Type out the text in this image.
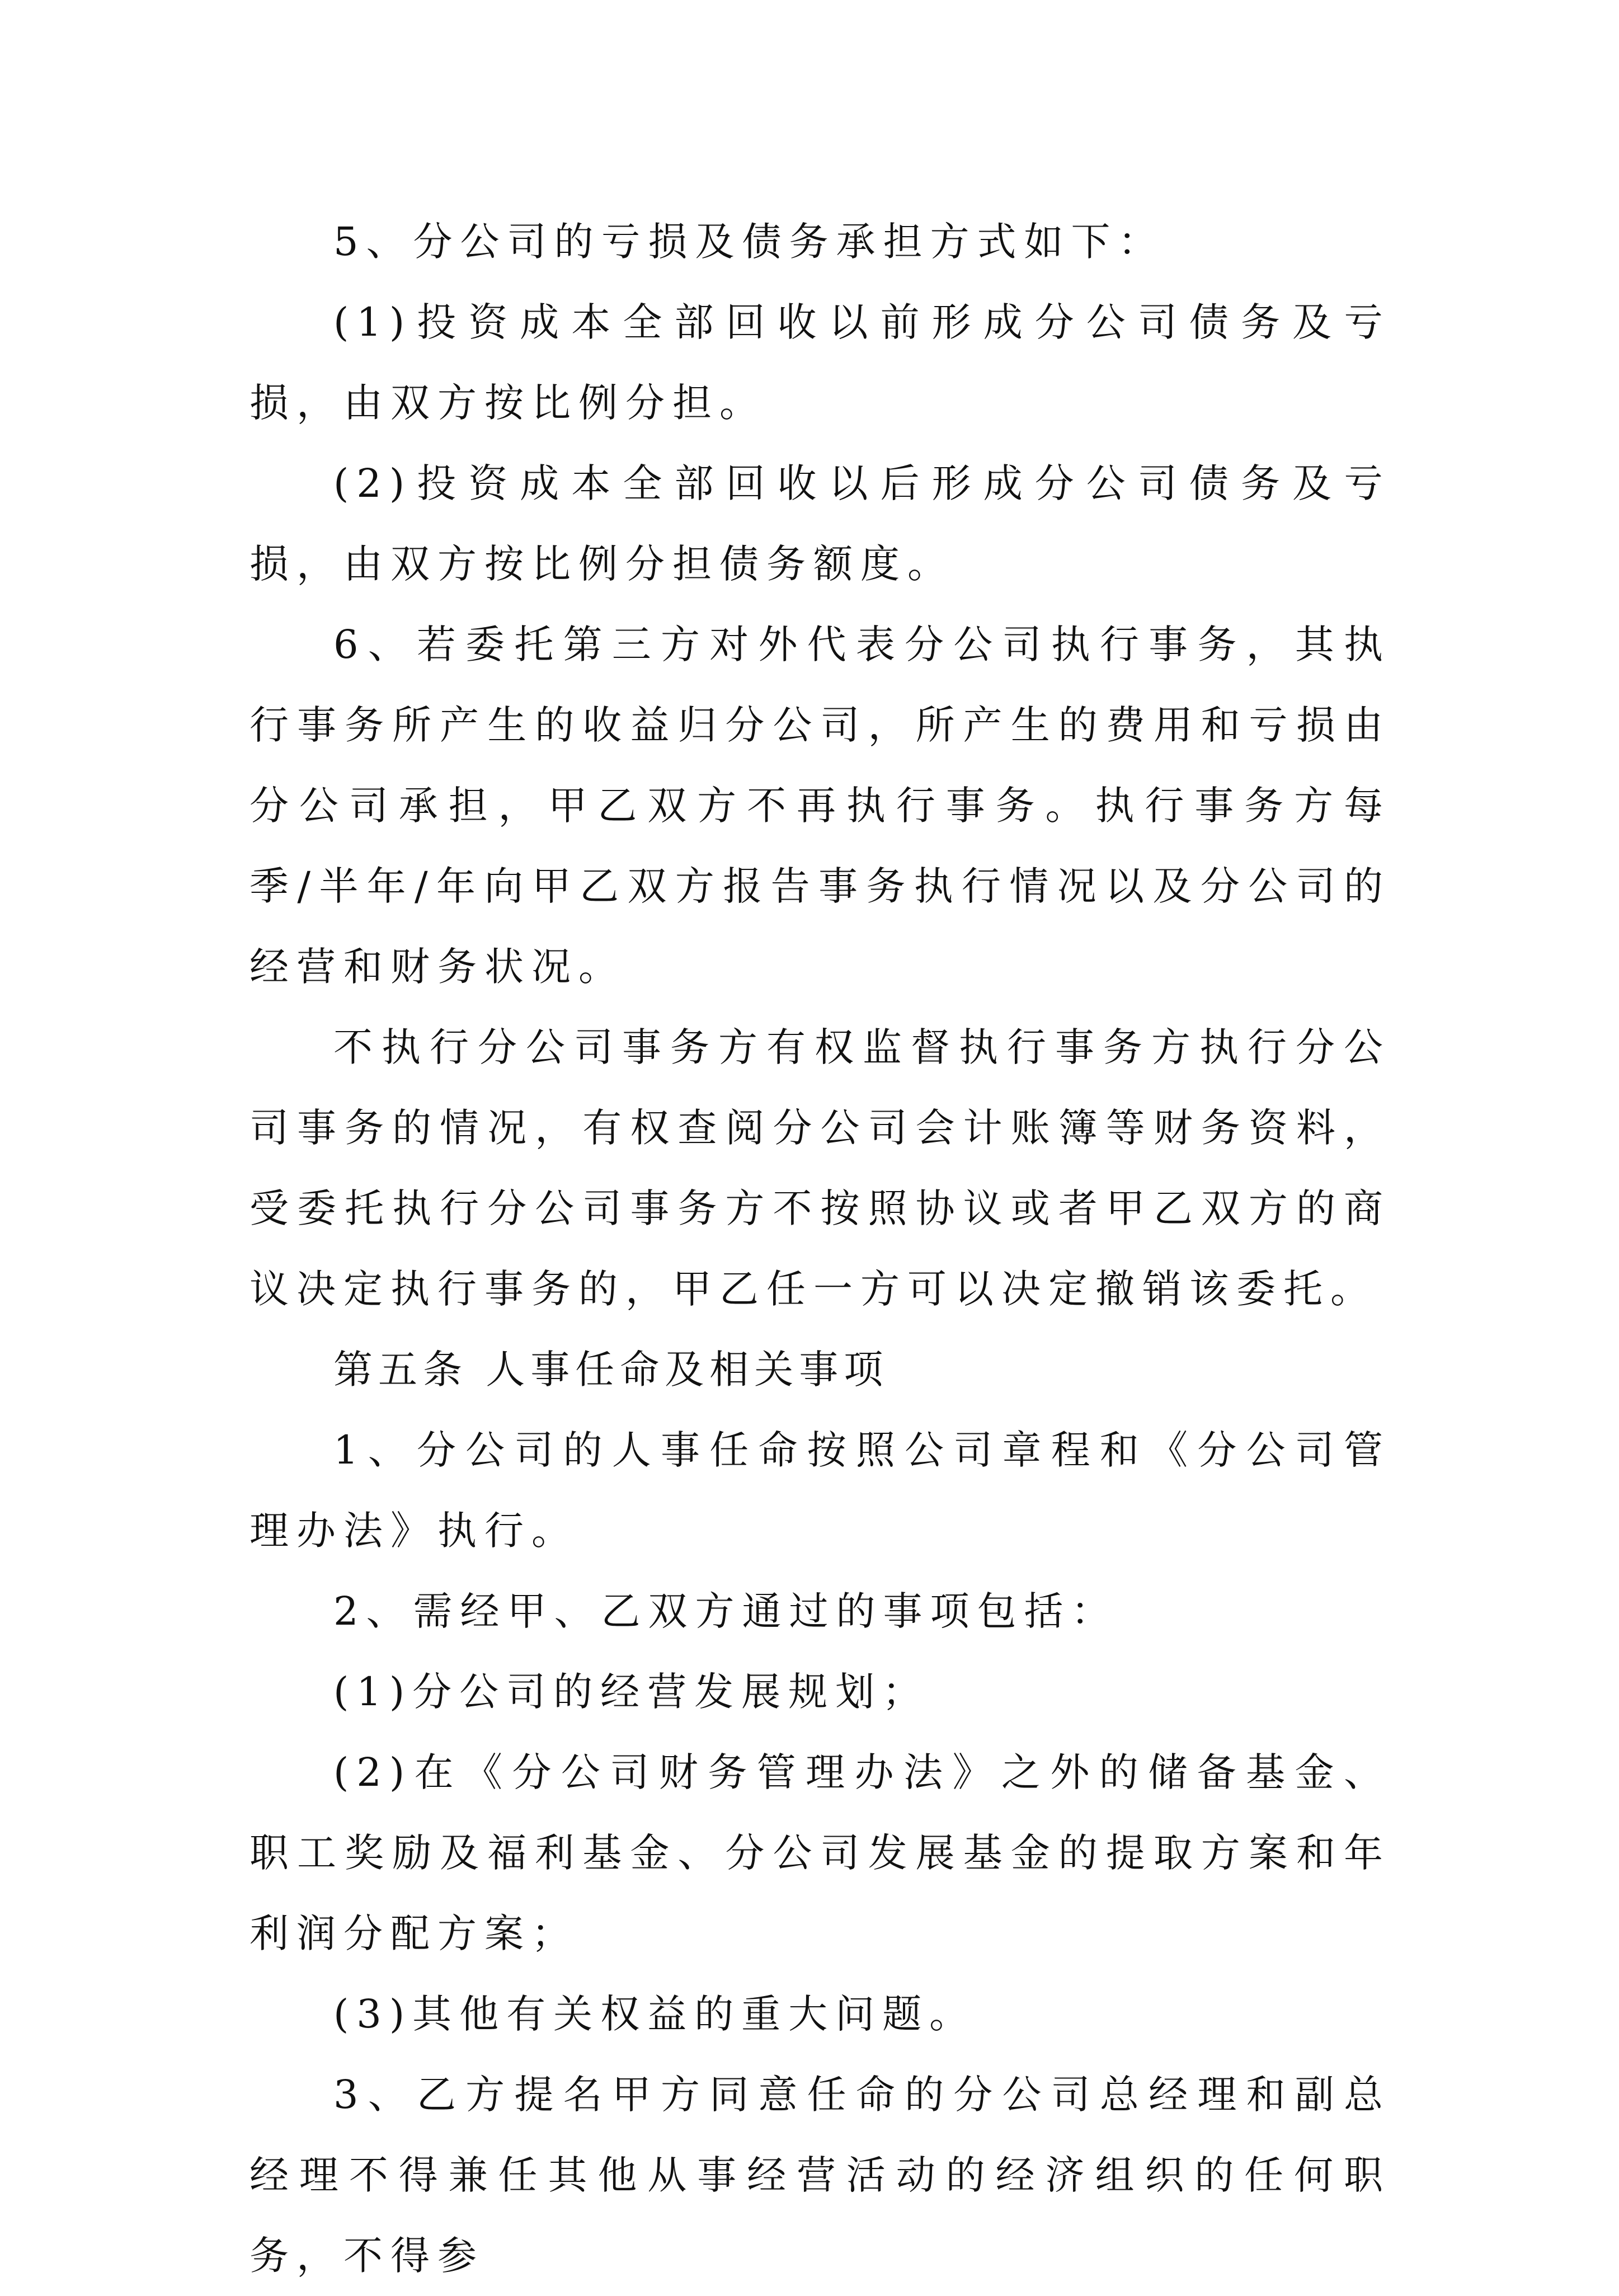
5、分公司的亏损及债务承担方式如下：

(1)投资成本全部回收以前形成分公司债务及亏损，由双方按比例分担。

(2)投资成本全部回收以后形成分公司债务及亏损，由双方按比例分担债务额度。

6、若委托第三方对外代表分公司执行事务，其执行事务所产生的收益归分公司，所产生的费用和亏损由分公司承担，甲乙双方不再执行事务。执行事务方每季/半年/年向甲乙双方报告事务执行情况以及分公司的经营和财务状况。

不执行分公司事务方有权监督执行事务方执行分公司事务的情况，有权查阅分公司会计账簿等财务资料，受委托执行分公司事务方不按照协议或者甲乙双方的商议决定执行事务的，甲乙任一方可以决定撤销该委托。

第五条 人事任命及相关事项

1、分公司的人事任命按照公司章程和《分公司管理办法》执行。

2、需经甲、乙双方通过的事项包括：

(1)分公司的经营发展规划；

(2)在《分公司财务管理办法》之外的储备基金、职工奖励及福利基金、分公司发展基金的提取方案和年利润分配方案；

(3)其他有关权益的重大问题。

3、乙方提名甲方同意任命的分公司总经理和副总经理不得兼任其他从事经营活动的经济组织的任何职务，不得参
